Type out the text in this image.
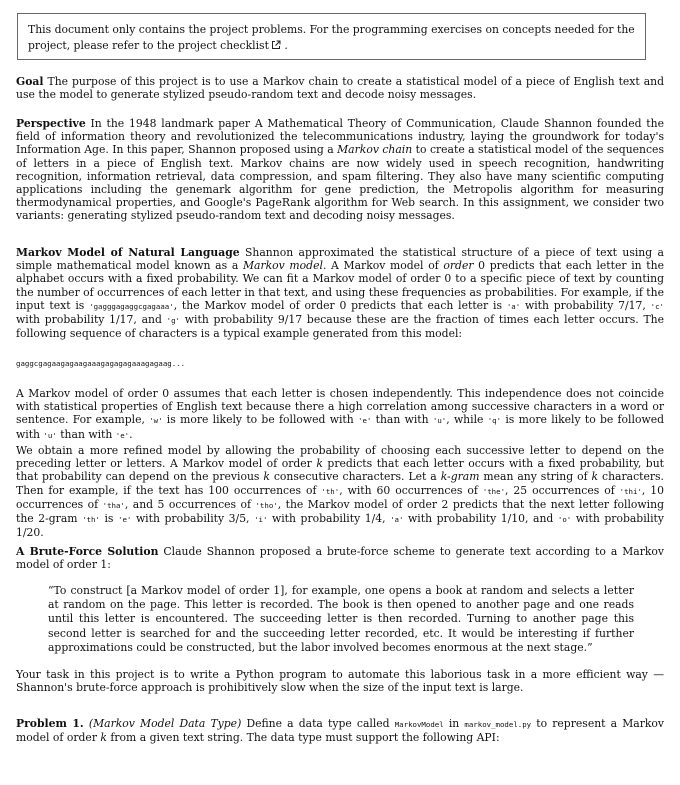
This document only contains the project problems. For the programming exercises on concepts needed for the project, please refer to the project checklist .

Goal The purpose of this project is to use a Markov chain to create a statistical model of a piece of English text and use the model to generate stylized pseudo-random text and decode noisy messages.

Perspective In the 1948 landmark paper A Mathematical Theory of Communication, Claude Shannon founded the field of information theory and revolutionized the telecommunications industry, laying the groundwork for today's Information Age. In this paper, Shannon proposed using a Markov chain to create a statistical model of the sequences of letters in a piece of English text. Markov chains are now widely used in speech recognition, handwriting recognition, information retrieval, data compression, and spam filtering. They also have many scientific computing applications including the genemark algorithm for gene prediction, the Metropolis algorithm for measuring thermodynamical properties, and Google's PageRank algorithm for Web search. In this assignment, we consider two variants: generating stylized pseudo-random text and decoding noisy messages.

Markov Model of Natural Language Shannon approximated the statistical structure of a piece of text using a simple mathematical model known as a Markov model. A Markov model of order 0 predicts that each letter in the alphabet occurs with a fixed probability. We can fit a Markov model of order 0 to a specific piece of text by counting the number of occurrences of each letter in that text, and using these frequencies as probabilities. For example, if the input text is 'gagggagaggcgagaaa', the Markov model of order 0 predicts that each letter is 'a' with probability 7/17, 'c' with probability 1/17, and 'g' with probability 9/17 because these are the fraction of times each letter occurs. The following sequence of characters is a typical example generated from this model:

gaggcgagaagagaagaaagagagagaaagagaag...

A Markov model of order 0 assumes that each letter is chosen independently. This independence does not coincide with statistical properties of English text because there a high correlation among successive characters in a word or sentence. For example, 'w' is more likely to be followed with 'e' than with 'u', while 'q' is more likely to be followed with 'u' than with 'e'.

We obtain a more refined model by allowing the probability of choosing each successive letter to depend on the preceding letter or letters. A Markov model of order k predicts that each letter occurs with a fixed probability, but that probability can depend on the previous k consecutive characters. Let a k-gram mean any string of k characters. Then for example, if the text has 100 occurrences of 'th', with 60 occurrences of 'the', 25 occurrences of 'thi', 10 occurrences of 'tha', and 5 occurrences of 'tho', the Markov model of order 2 predicts that the next letter following the 2-gram 'th' is 'e' with probability 3/5, 'i' with probability 1/4, 'a' with probability 1/10, and 'o' with probability 1/20.

A Brute-Force Solution Claude Shannon proposed a brute-force scheme to generate text according to a Markov model of order 1:

“To construct [a Markov model of order 1], for example, one opens a book at random and selects a letter at random on the page. This letter is recorded. The book is then opened to another page and one reads until this letter is encountered. The succeeding letter is then recorded. Turning to another page this second letter is searched for and the succeeding letter recorded, etc. It would be interesting if further approximations could be constructed, but the labor involved becomes enormous at the next stage.”

Your task in this project is to write a Python program to automate this laborious task in a more efficient way — Shannon's brute-force approach is prohibitively slow when the size of the input text is large.

Problem 1. (Markov Model Data Type) Define a data type called MarkovModel in markov_model.py to represent a Markov model of order k from a given text string. The data type must support the following API:
